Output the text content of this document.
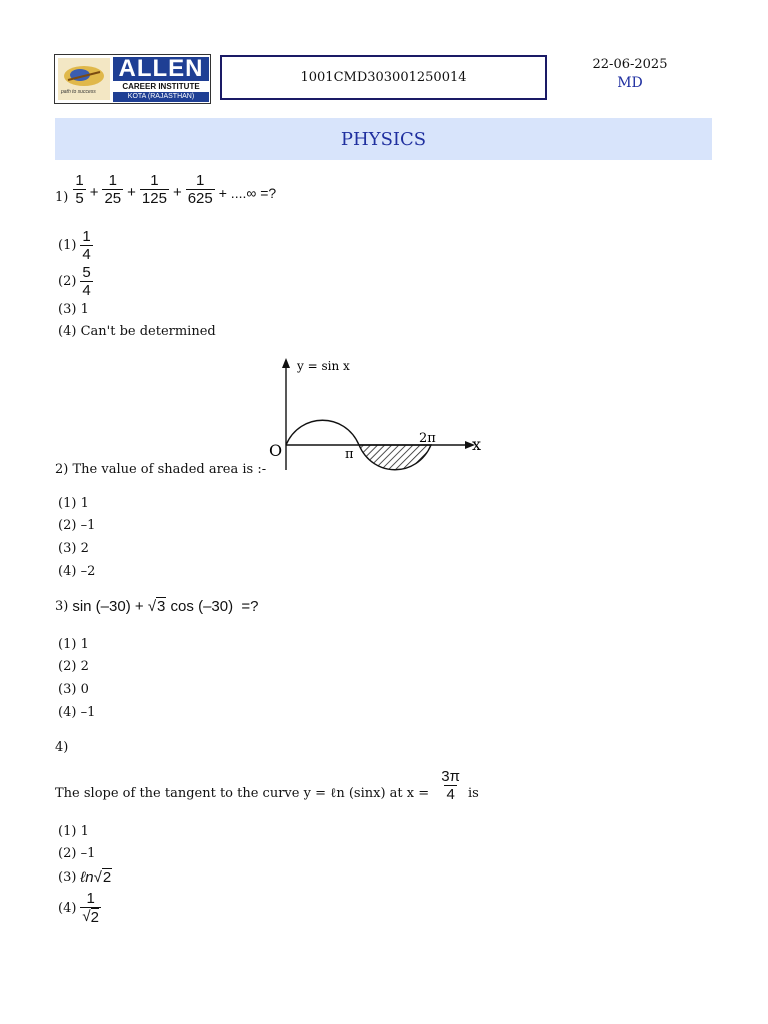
path to success
ALLEN
CAREER INSTITUTE
KOTA (RAJASTHAN)
1001CMD303001250014
22-06-2025
MD
PHYSICS
$1) \frac{1}{5} + \frac{1}{25} + \frac{1}{125} + \frac{1}{625}$ + ....∞ =?
$(1) \frac{1}{4}$
$(2) \frac{5}{4}$
(3) 1
(4) Can't be determined
y = sin x
O	π
2π x
2) The value of shaded area is :-
(1) 1
(2) –1
(3) 2
(4) –2
3) sin (–30) + √ 3 cos (–30)  =?
(1) 1
(2) 2
(3) 0
(4) –1
4)
The slope of the tangent to the curve y = ℓ n (sinx) at $x = \frac{3\pi}{4}$ is
(1) 1
(2) –1
(3) ℓn √ 2
$(4) \frac{1}{√ 2}$
